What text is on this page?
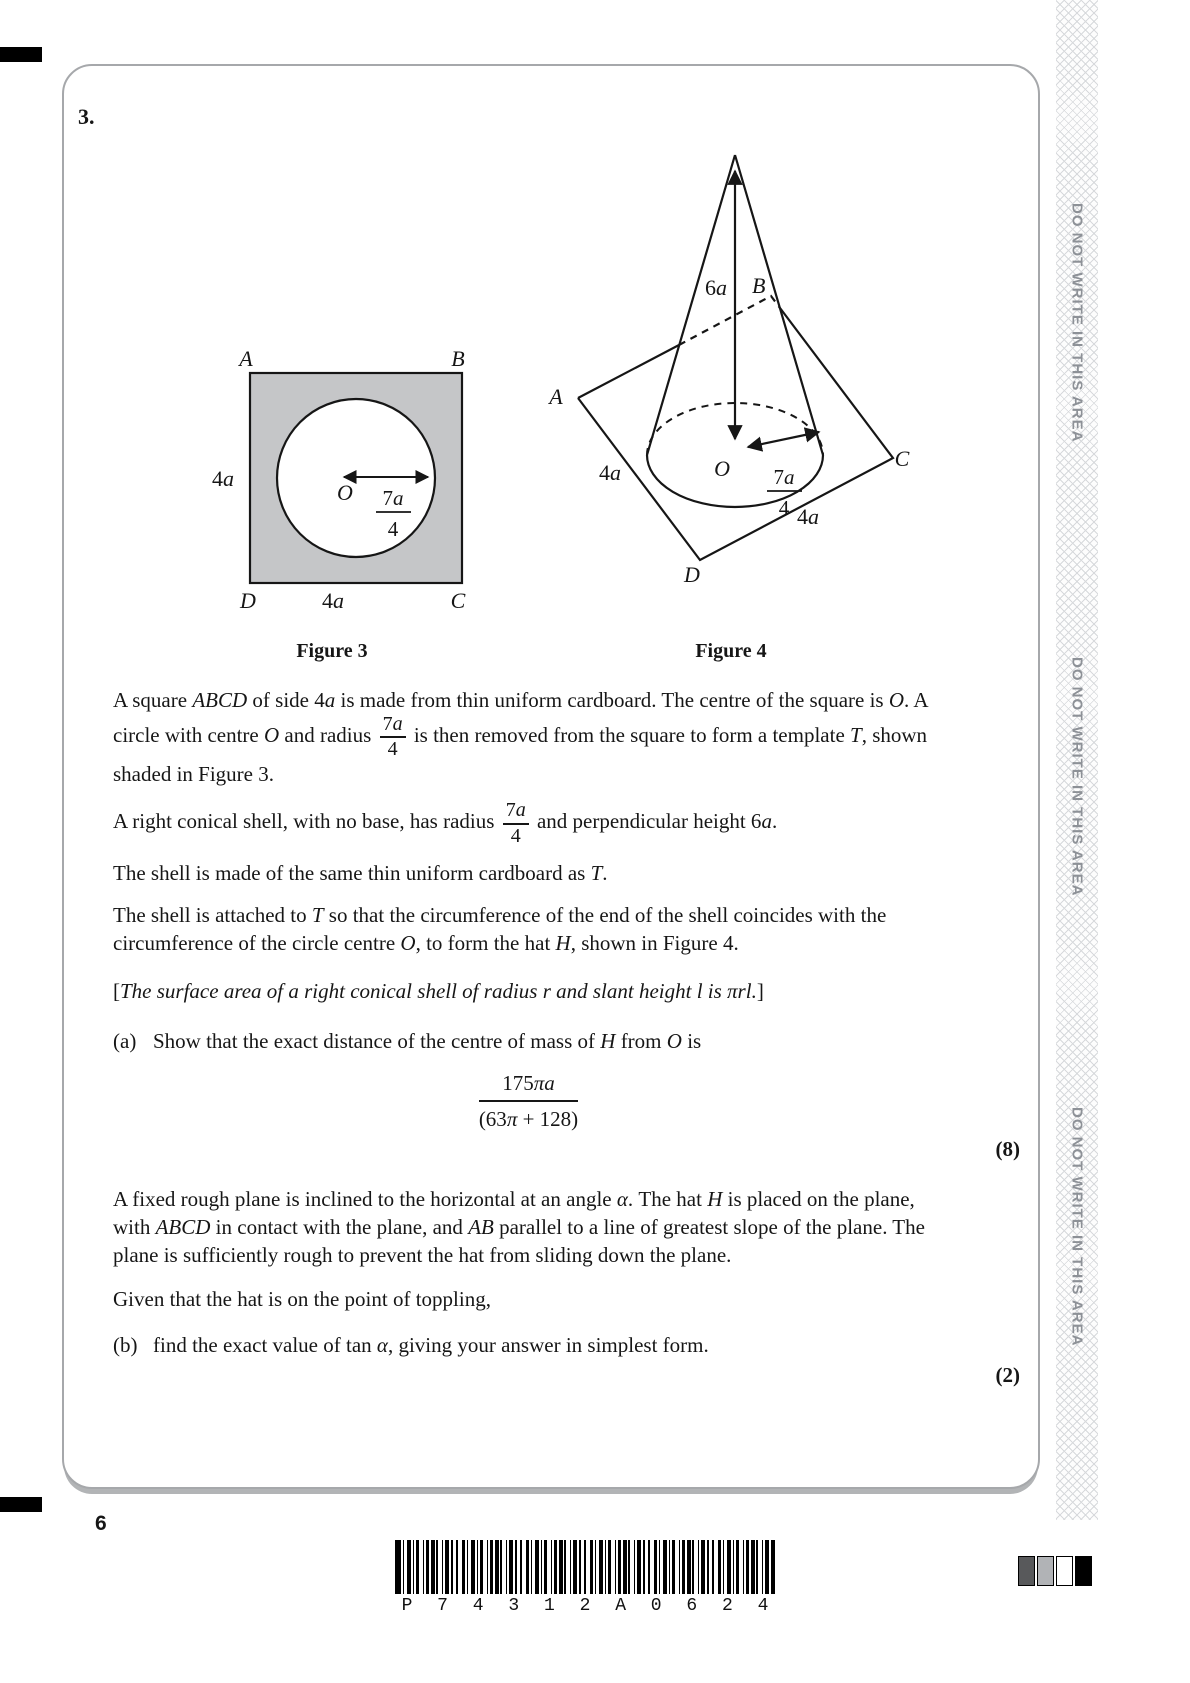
DO NOT WRITE IN THIS AREA
DO NOT WRITE IN THIS AREA
DO NOT WRITE IN THIS AREA
3.
A	B
D	C
4a
4a
O 7a
4
6a B
A
C
D
O
4a
4a
7a
4
Figure 3	Figure 4

A square ABCD of side 4a is made from thin uniform cardboard. The centre of the square is O. A circle with centre O and radius $\frac{7a}{4}$ is then removed from the square to form a template T, shown shaded in Figure 3.

A right conical shell, with no base, has radius $\frac{7a}{4}$ and perpendicular height 6a.

The shell is made of the same thin uniform cardboard as T.

The shell is attached to T so that the circumference of the end of the shell coincides with the circumference of the circle centre O, to form the hat H, shown in Figure 4.

[The surface area of a right conical shell of radius r and slant height l is πrl.]

(a) Show that the exact distance of the centre of mass of H from O is
175πa
(63π + 128)
(8)

A fixed rough plane is inclined to the horizontal at an angle α. The hat H is placed on the plane, with ABCD in contact with the plane, and AB parallel to a line of greatest slope of the plane. The plane is sufficiently rough to prevent the hat from sliding down the plane.

Given that the hat is on the point of toppling,

(b) find the exact value of tan α, giving your answer in simplest form.
(2)
6
P 7 4 3 1 2 A 0 6 2 4
